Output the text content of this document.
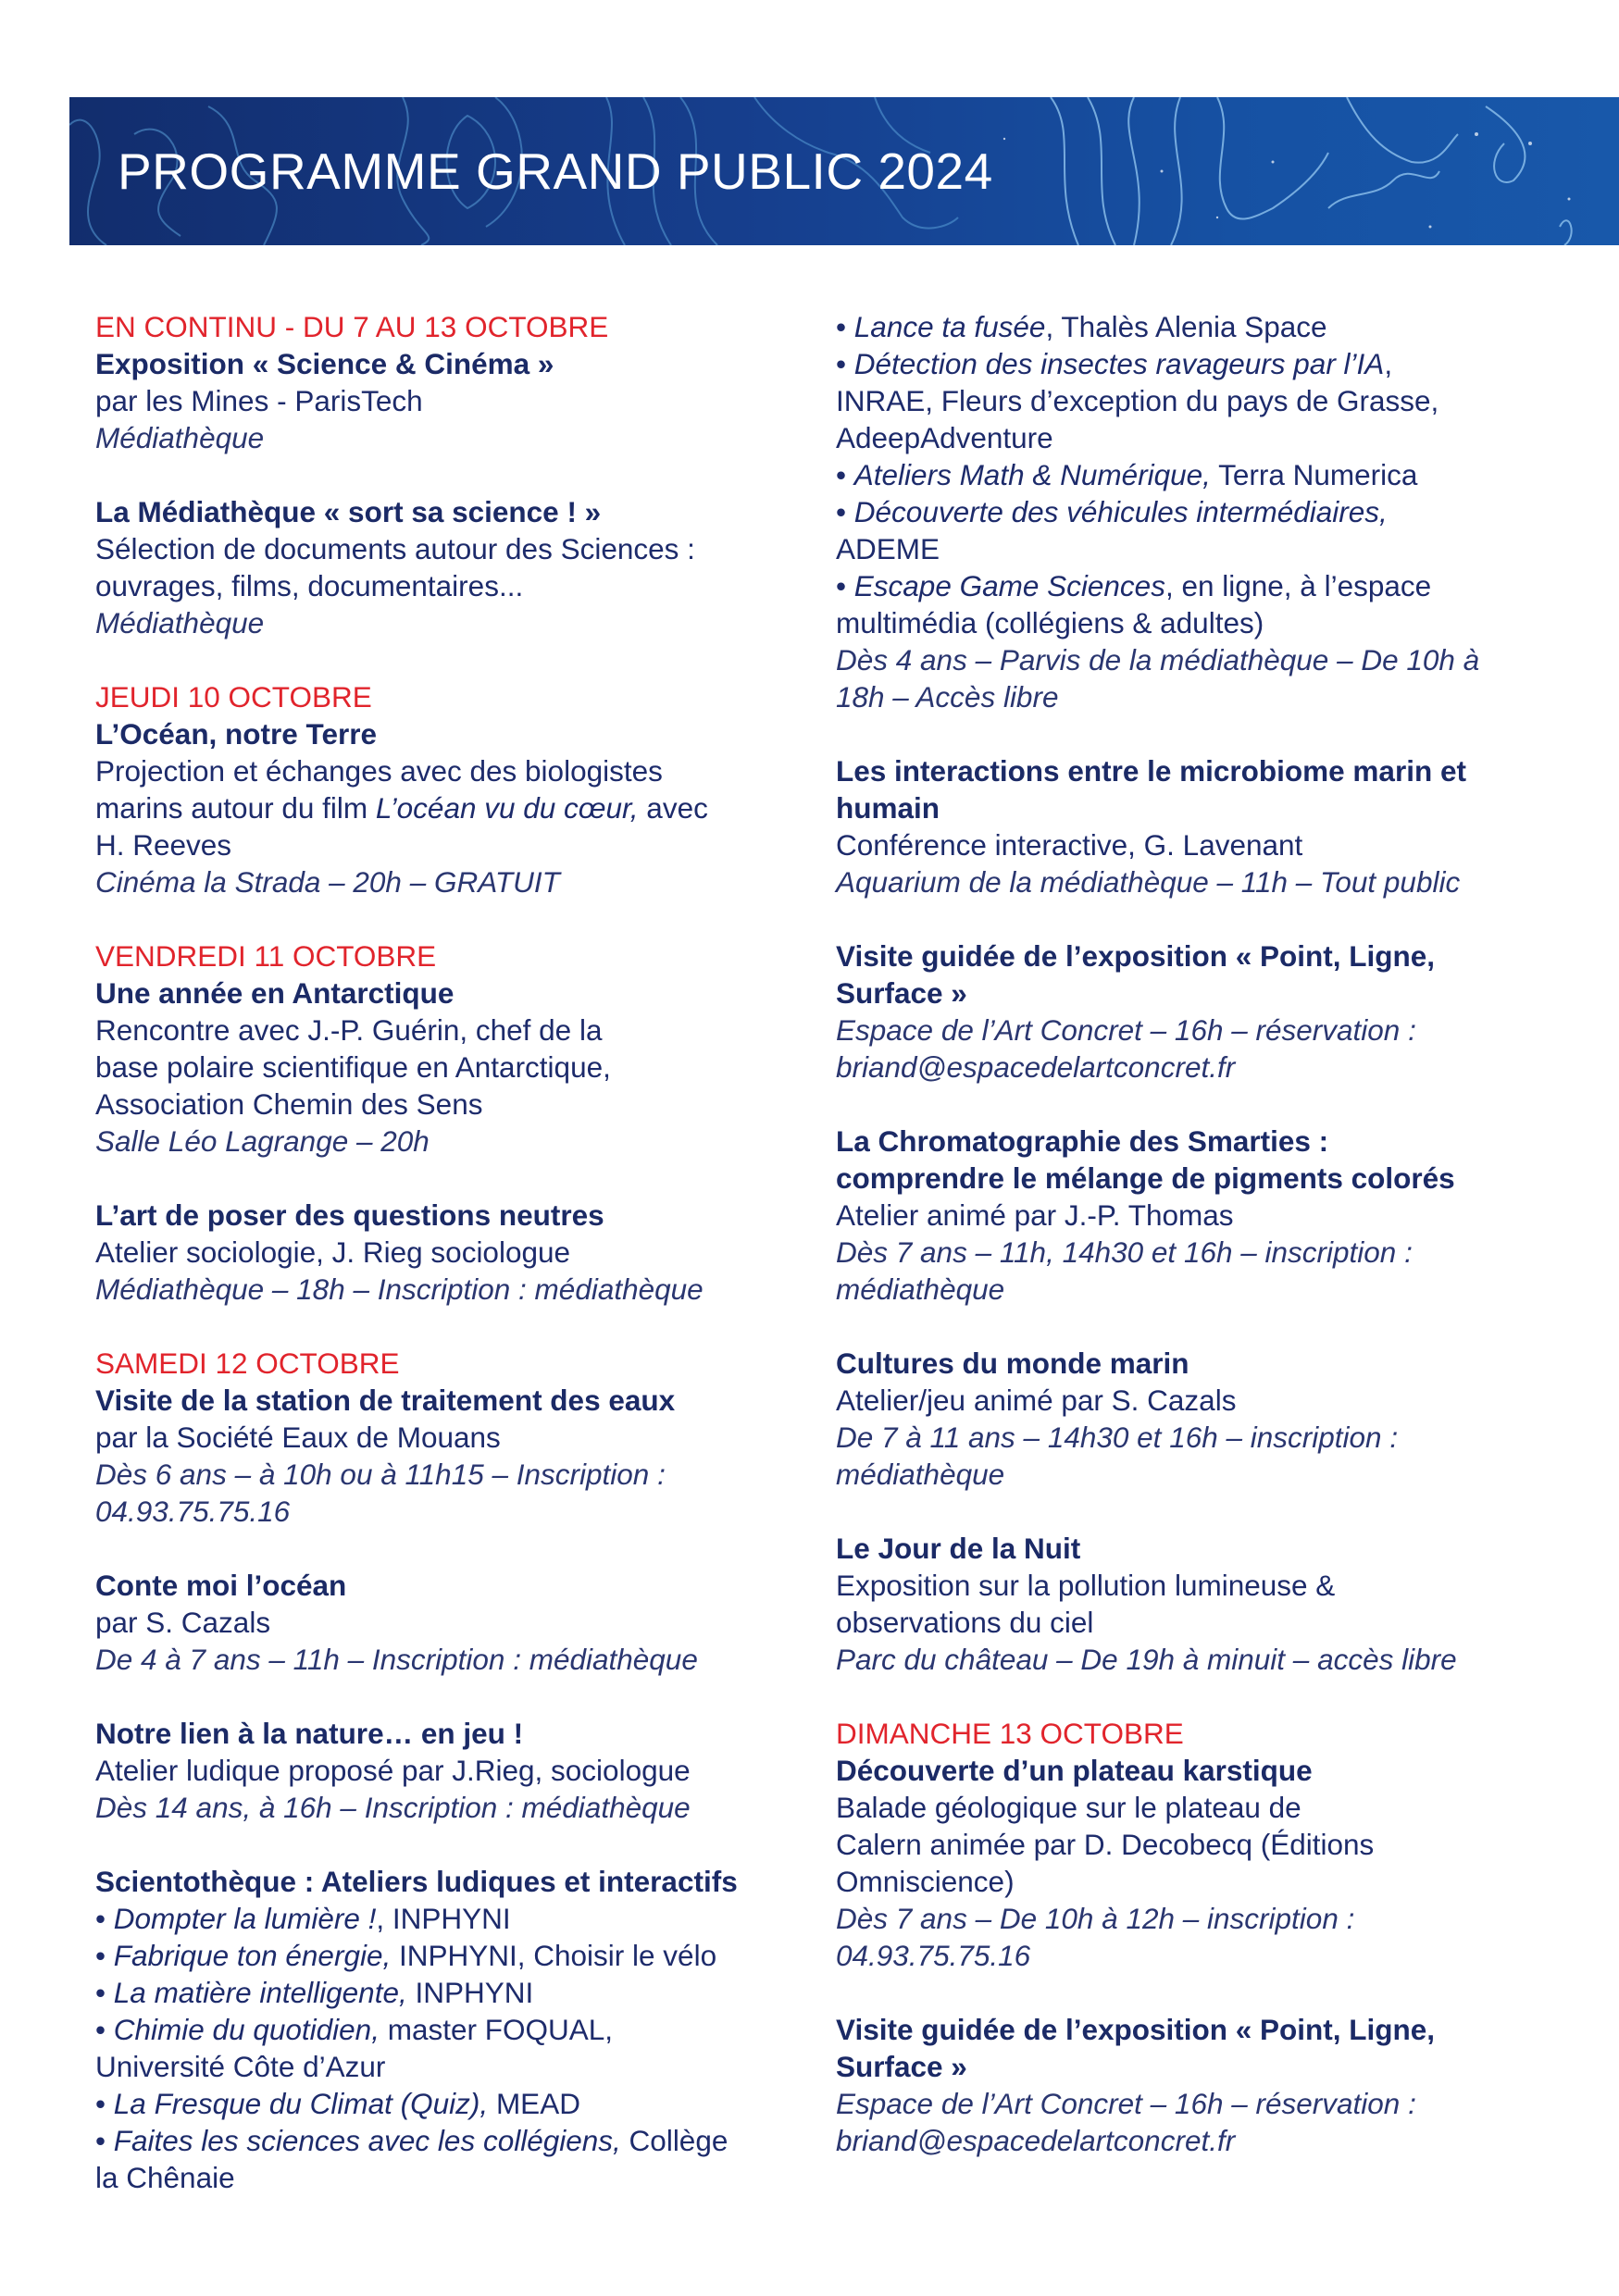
PROGRAMME GRAND PUBLIC 2024
EN CONTINU - DU 7 AU 13 OCTOBRE
Exposition « Science & Cinéma »
par les Mines - ParisTech
Médiathèque
La Médiathèque « sort sa science ! »
Sélection de documents autour des Sciences :
ouvrages, films, documentaires...
Médiathèque
JEUDI 10 OCTOBRE
L’Océan, notre Terre
Projection et échanges avec des biologistes
marins autour du film L’océan vu du cœur, avec
H. Reeves
Cinéma la Strada – 20h – GRATUIT
VENDREDI 11 OCTOBRE
Une année en Antarctique
Rencontre avec J.-P. Guérin, chef de la
base polaire scientifique en Antarctique,
Association Chemin des Sens
Salle Léo Lagrange – 20h
L’art de poser des questions neutres
Atelier sociologie, J. Rieg sociologue
Médiathèque – 18h – Inscription : médiathèque
SAMEDI 12 OCTOBRE
Visite de la station de traitement des eaux
par la Société Eaux de Mouans
Dès 6 ans – à 10h ou à 11h15 – Inscription :
04.93.75.75.16
Conte moi l’océan
par S. Cazals
De 4 à 7 ans – 11h – Inscription : médiathèque
Notre lien à la nature… en jeu !
Atelier ludique proposé par J.Rieg, sociologue
Dès 14 ans, à 16h – Inscription : médiathèque
Scientothèque : Ateliers ludiques et interactifs
• Dompter la lumière !, INPHYNI
• Fabrique ton énergie, INPHYNI, Choisir le vélo
• La matière intelligente, INPHYNI
• Chimie du quotidien, master FOQUAL,
Université Côte d’Azur
• La Fresque du Climat (Quiz), MEAD
• Faites les sciences avec les collégiens, Collège
la Chênaie
• Lance ta fusée, Thalès Alenia Space
• Détection des insectes ravageurs par l’IA,
INRAE, Fleurs d’exception du pays de Grasse,
AdeepAdventure
• Ateliers Math & Numérique, Terra Numerica
• Découverte des véhicules intermédiaires,
ADEME
• Escape Game Sciences, en ligne, à l’espace
multimédia (collégiens & adultes)
Dès 4 ans – Parvis de la médiathèque – De 10h à
18h – Accès libre
Les interactions entre le microbiome marin et
humain
Conférence interactive, G. Lavenant
Aquarium de la médiathèque – 11h – Tout public
Visite guidée de l’exposition « Point, Ligne,
Surface »
Espace de l’Art Concret – 16h – réservation :
briand@espacedelartconcret.fr
La Chromatographie des Smarties :
comprendre le mélange de pigments colorés
Atelier animé par J.-P. Thomas
Dès 7 ans – 11h, 14h30 et 16h – inscription :
médiathèque
Cultures du monde marin
Atelier/jeu animé par S. Cazals
De 7 à 11 ans – 14h30 et 16h – inscription :
médiathèque
Le Jour de la Nuit
Exposition sur la pollution lumineuse &
observations du ciel
Parc du château – De 19h à minuit – accès libre
DIMANCHE 13 OCTOBRE
Découverte d’un plateau karstique
Balade géologique sur le plateau de
Calern animée par D. Decobecq (Éditions
Omniscience)
Dès 7 ans – De 10h à 12h – inscription :
04.93.75.75.16
Visite guidée de l’exposition « Point, Ligne,
Surface »
Espace de l’Art Concret – 16h – réservation :
briand@espacedelartconcret.fr
